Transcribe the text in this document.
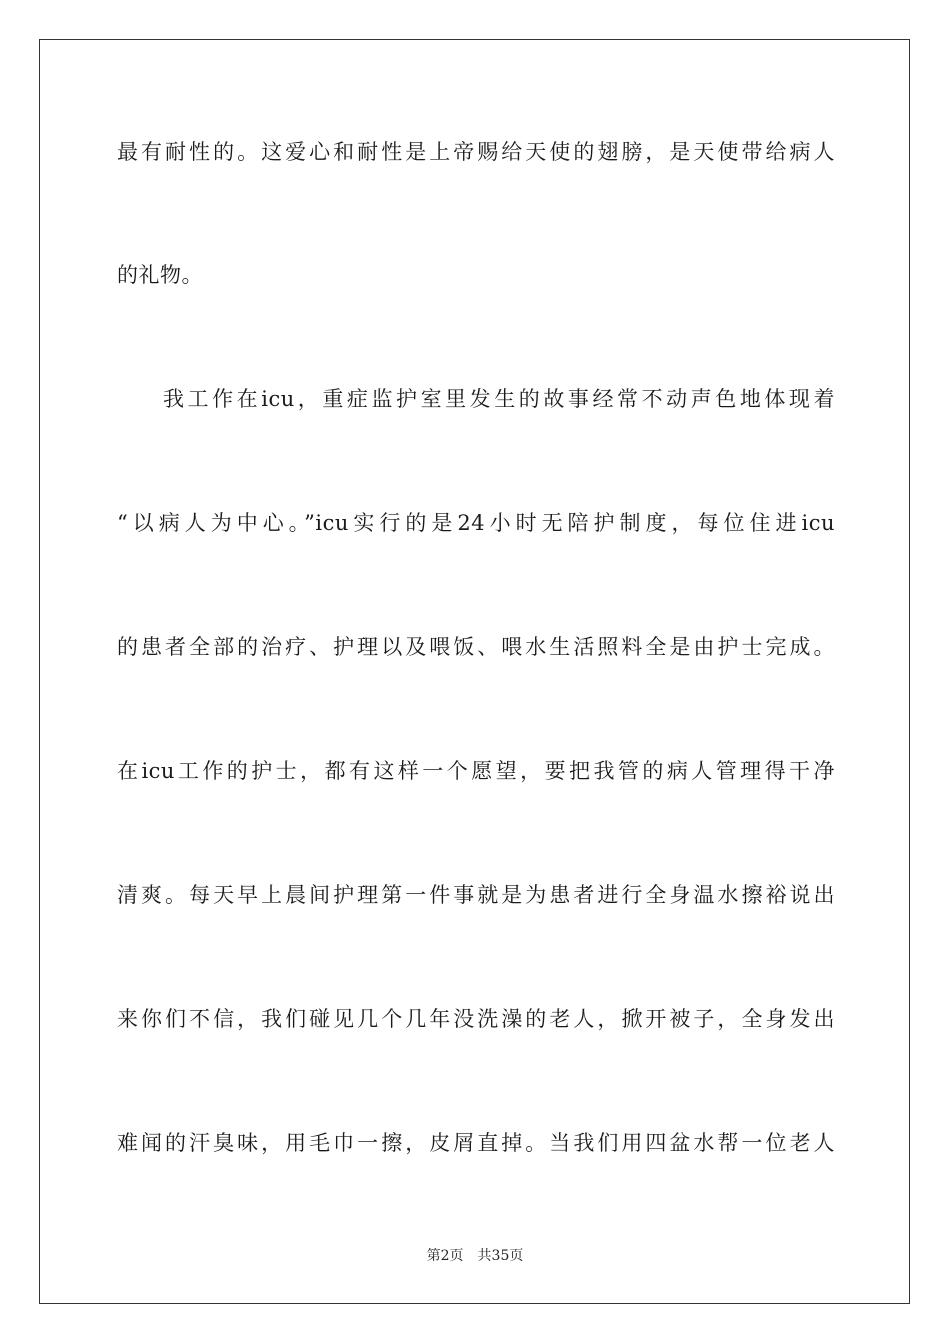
最有耐性的。这爱心和耐性是上帝赐给天使的翅膀，是天使带给病人
的礼物。
我工作在icu，重症监护室里发生的故事经常不动声色地体现着
“以病人为中心。”icu实行的是24小时无陪护制度，每位住进icu
的患者全部的治疗、护理以及喂饭、喂水生活照料全是由护士完成。
在icu工作的护士，都有这样一个愿望，要把我管的病人管理得干净
清爽。每天早上晨间护理第一件事就是为患者进行全身温水擦裕说出
来你们不信，我们碰见几个几年没洗澡的老人，掀开被子，全身发出
难闻的汗臭味，用毛巾一擦，皮屑直掉。当我们用四盆水帮一位老人
第2页 共35页
